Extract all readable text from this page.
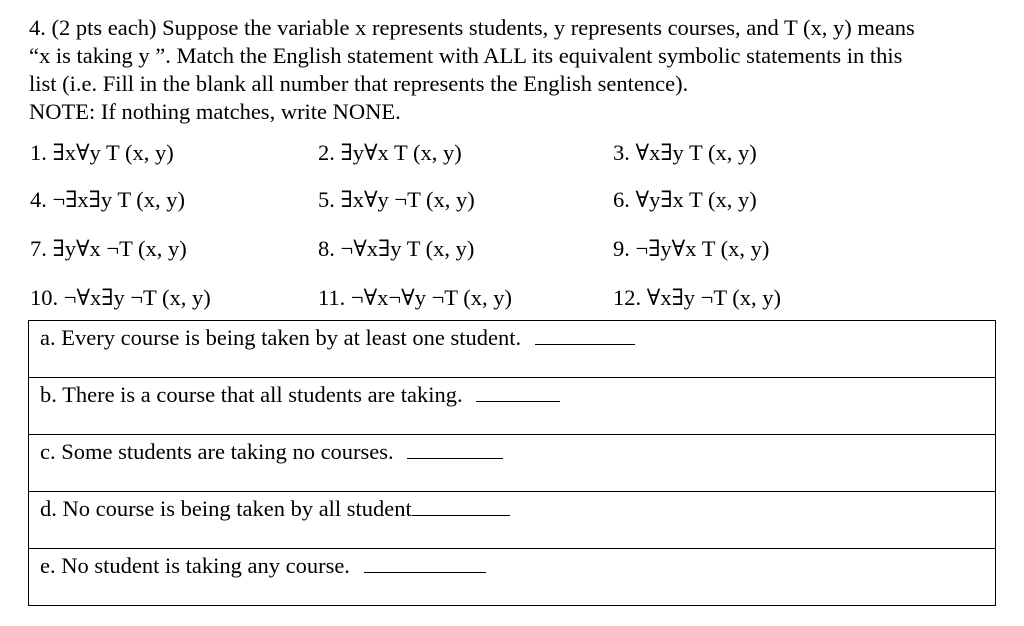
4. (2 pts each) Suppose the variable x represents students, y represents courses, and T (x, y) means

“x is taking y ”. Match the English statement with ALL its equivalent symbolic statements in this

list (i.e. Fill in the blank all number that represents the English sentence).

NOTE: If nothing matches, write NONE.

1. ∃x∀y T (x, y)	2. ∃y∀x T (x, y)	3. ∀x∃y T (x, y)
4. ¬∃x∃y T (x, y)	5. ∃x∀y ¬T (x, y)	6. ∀y∃x T (x, y)
7. ∃y∀x ¬T (x, y)	8. ¬∀x∃y T (x, y)	9. ¬∃y∀x T (x, y)
10. ¬∀x∃y ¬T (x, y)	11. ¬∀x¬∀y ¬T (x, y)	12. ∀x∃y ¬T (x, y)
a. Every course is being taken by at least one student.
b. There is a course that all students are taking.
c. Some students are taking no courses.
d. No course is being taken by all student
e. No student is taking any course.
